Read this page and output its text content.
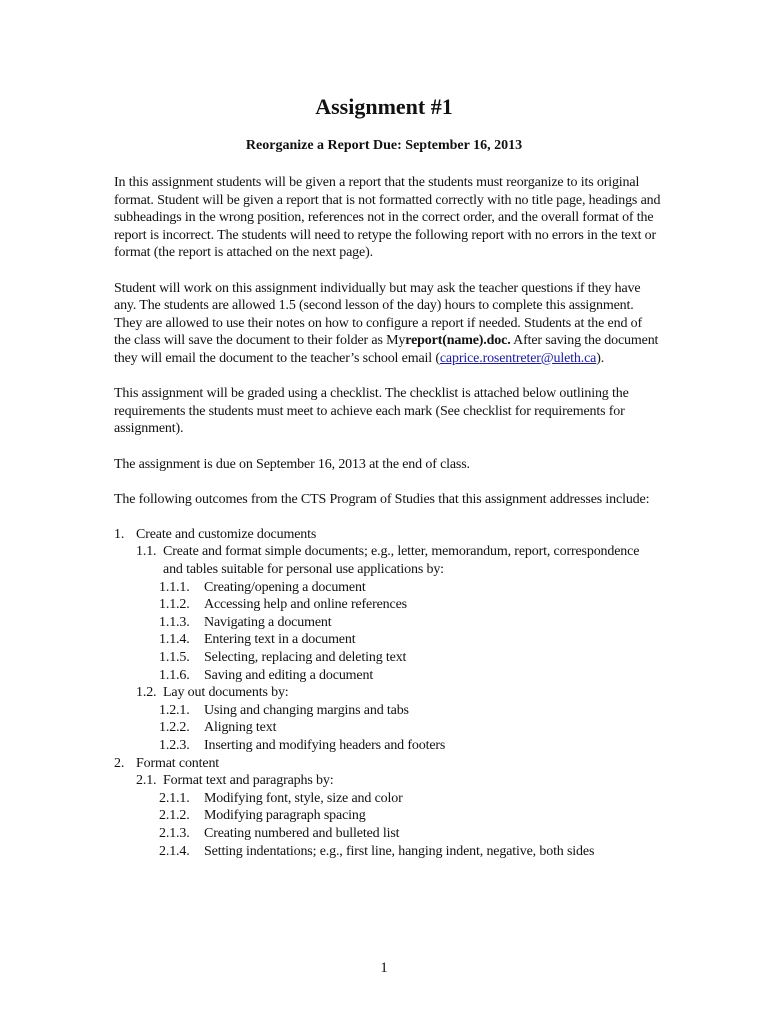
Assignment #1
Reorganize a Report Due: September 16, 2013

In this assignment students will be given a report that the students must reorganize to its original format. Student will be given a report that is not formatted correctly with no title page, headings and subheadings in the wrong position, references not in the correct order, and the overall format of the report is incorrect. The students will need to retype the following report with no errors in the text or format (the report is attached on the next page).

Student will work on this assignment individually but may ask the teacher questions if they have any. The students are allowed 1.5 (second lesson of the day) hours to complete this assignment. They are allowed to use their notes on how to configure a report if needed. Students at the end of the class will save the document to their folder as Myreport(name).doc. After saving the document they will email the document to the teacher’s school email (caprice.rosentreter@uleth.ca).

This assignment will be graded using a checklist. The checklist is attached below outlining the requirements the students must meet to achieve each mark (See checklist for requirements for assignment).

The assignment is due on September 16, 2013 at the end of class.

The following outcomes from the CTS Program of Studies that this assignment addresses include:

1. Create and customize documents
1.1. Create and format simple documents; e.g., letter, memorandum, report, correspondence and tables suitable for personal use applications by:
1.1.1.	Creating/opening a document
1.1.2.	Accessing help and online references
1.1.3.	Navigating a document
1.1.4.	Entering text in a document
1.1.5.	Selecting, replacing and deleting text
1.1.6.	Saving and editing a document
1.2. Lay out documents by:
1.2.1.	Using and changing margins and tabs
1.2.2.	Aligning text
1.2.3.	Inserting and modifying headers and footers
2. Format content
2.1. Format text and paragraphs by:
2.1.1.	Modifying font, style, size and color
2.1.2.	Modifying paragraph spacing
2.1.3.	Creating numbered and bulleted list
2.1.4.	Setting indentations; e.g., first line, hanging indent, negative, both sides
1
